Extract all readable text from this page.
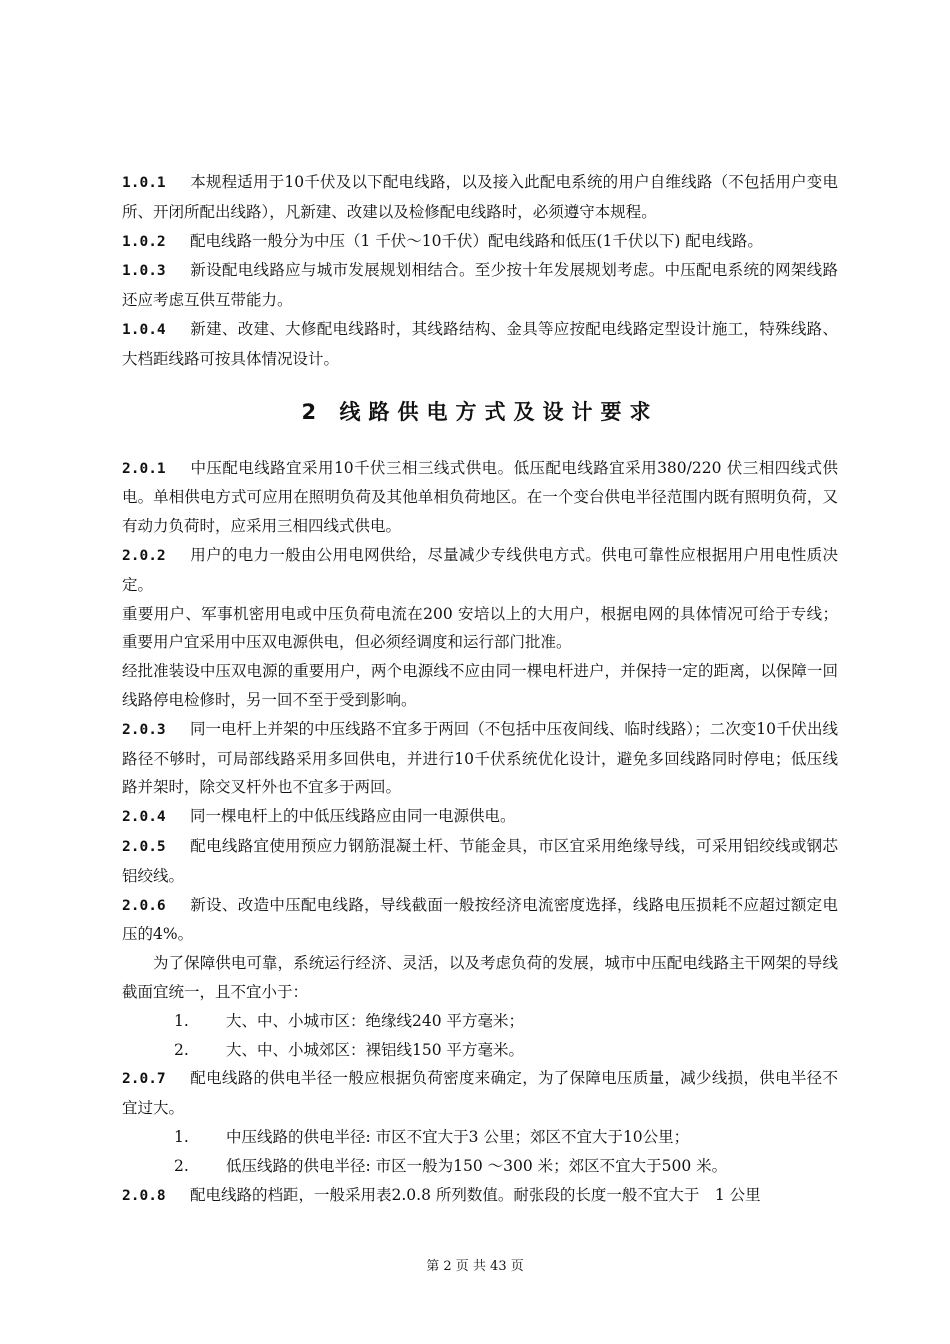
1.0.1 本规程适用于10千伏及以下配电线路，以及接入此配电系统的用户自维线路（不包括用户变电所、开闭所配出线路），凡新建、改建以及检修配电线路时，必须遵守本规程。

1.0.2 配电线路一般分为中压（1 千伏～10千伏）配电线路和低压(1千伏以下) 配电线路。

1.0.3 新设配电线路应与城市发展规划相结合。至少按十年发展规划考虑。中压配电系统的网架线路还应考虑互供互带能力。

1.0.4 新建、改建、大修配电线路时，其线路结构、金具等应按配电线路定型设计施工，特殊线路、大档距线路可按具体情况设计。

2 线路供电方式及设计要求

2.0.1 中压配电线路宜采用10千伏三相三线式供电。低压配电线路宜采用380/220 伏三相四线式供电。单相供电方式可应用在照明负荷及其他单相负荷地区。在一个变台供电半径范围内既有照明负荷，又有动力负荷时，应采用三相四线式供电。

2.0.2 用户的电力一般由公用电网供给，尽量减少专线供电方式。供电可靠性应根据用户用电性质决定。

重要用户、军事机密用电或中压负荷电流在200 安培以上的大用户，根据电网的具体情况可给于专线；重要用户宜采用中压双电源供电，但必须经调度和运行部门批准。

经批准装设中压双电源的重要用户，两个电源线不应由同一棵电杆进户，并保持一定的距离，以保障一回线路停电检修时，另一回不至于受到影响。

2.0.3 同一电杆上并架的中压线路不宜多于两回（不包括中压夜间线、临时线路）；二次变10千伏出线路径不够时，可局部线路采用多回供电，并进行10千伏系统优化设计，避免多回线路同时停电；低压线路并架时，除交叉杆外也不宜多于两回。

2.0.4 同一棵电杆上的中低压线路应由同一电源供电。

2.0.5 配电线路宜使用预应力钢筋混凝土杆、节能金具，市区宜采用绝缘导线，可采用铝绞线或钢芯铝绞线。

2.0.6 新设、改造中压配电线路，导线截面一般按经济电流密度选择，线路电压损耗不应超过额定电压的4%。

为了保障供电可靠，系统运行经济、灵活，以及考虑负荷的发展，城市中压配电线路主干网架的导线截面宜统一，且不宜小于：

1. 大、中、小城市区：绝缘线240 平方毫米；

2. 大、中、小城郊区：裸铝线150 平方毫米。

2.0.7 配电线路的供电半径一般应根据负荷密度来确定，为了保障电压质量，减少线损，供电半径不宜过大。

1. 中压线路的供电半径: 市区不宜大于3 公里；郊区不宜大于10公里；

2. 低压线路的供电半径: 市区一般为150 ～300 米；郊区不宜大于500 米。

2.0.8 配电线路的档距，一般采用表2.0.8 所列数值。耐张段的长度一般不宜大于　1 公里

第 2 页 共 43 页
